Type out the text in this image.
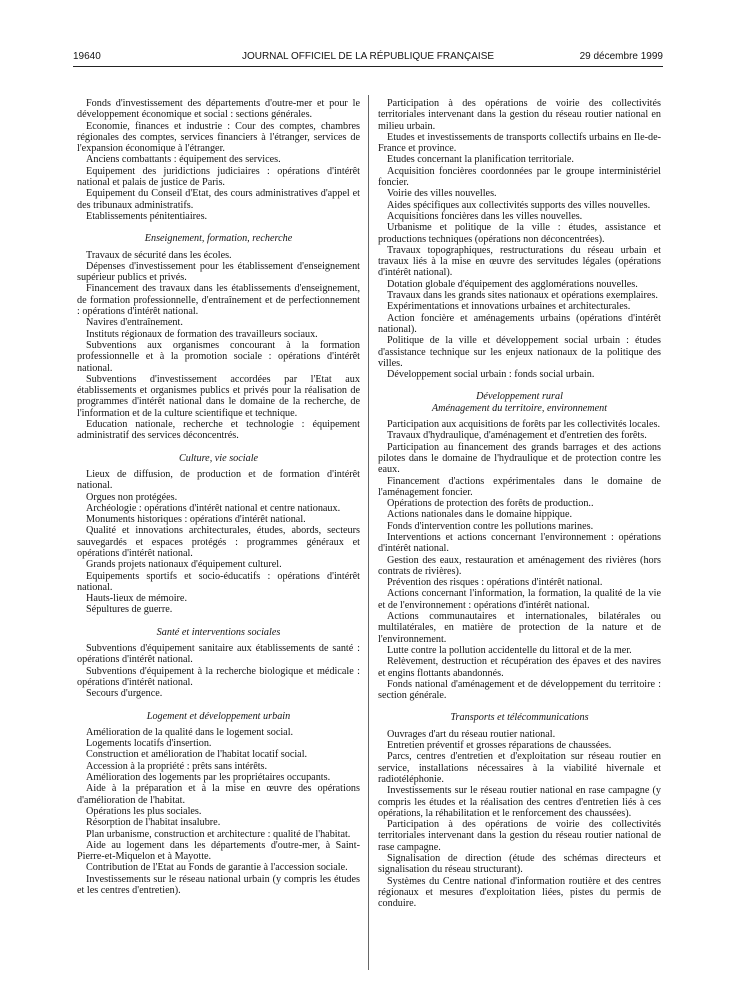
19640	JOURNAL OFFICIEL DE LA RÉPUBLIQUE FRANÇAISE	29 décembre 1999

Fonds d'investissement des départements d'outre-mer et pour le développement économique et social : sections générales.

Economie, finances et industrie : Cour des comptes, chambres régionales des comptes, services financiers à l'étranger, services de l'expansion économique à l'étranger.

Anciens combattants : équipement des services.

Equipement des juridictions judiciaires : opérations d'intérêt national et palais de justice de Paris.

Equipement du Conseil d'Etat, des cours administratives d'appel et des tribunaux administratifs.

Etablissements pénitentiaires.

Enseignement, formation, recherche

Travaux de sécurité dans les écoles.

Dépenses d'investissement pour les établissement d'enseignement supérieur publics et privés.

Financement des travaux dans les établissements d'enseignement, de formation professionnelle, d'entraînement et de perfectionnement : opérations d'intérêt national.

Navires d'entraînement.

Instituts régionaux de formation des travailleurs sociaux.

Subventions aux organismes concourant à la formation professionnelle et à la promotion sociale : opérations d'intérêt national.

Subventions d'investissement accordées par l'Etat aux établissements et organismes publics et privés pour la réalisation de programmes d'intérêt national dans le domaine de la recherche, de l'information et de la culture scientifique et technique.

Education nationale, recherche et technologie : équipement administratif des services déconcentrés.

Culture, vie sociale

Lieux de diffusion, de production et de formation d'intérêt national.

Orgues non protégées.

Archéologie : opérations d'intérêt national et centre nationaux.

Monuments historiques : opérations d'intérêt national.

Qualité et innovations architecturales, études, abords, secteurs sauvegardés et espaces protégés : programmes généraux et opérations d'intérêt national.

Grands projets nationaux d'équipement culturel.

Equipements sportifs et socio-éducatifs : opérations d'intérêt national.

Hauts-lieux de mémoire.

Sépultures de guerre.

Santé et interventions sociales

Subventions d'équipement sanitaire aux établissements de santé : opérations d'intérêt national.

Subventions d'équipement à la recherche biologique et médicale : opérations d'intérêt national.

Secours d'urgence.

Logement et développement urbain

Amélioration de la qualité dans le logement social.

Logements locatifs d'insertion.

Construction et amélioration de l'habitat locatif social.

Accession à la propriété : prêts sans intérêts.

Amélioration des logements par les propriétaires occupants.

Aide à la préparation et à la mise en œuvre des opérations d'amélioration de l'habitat.

Opérations les plus sociales.

Résorption de l'habitat insalubre.

Plan urbanisme, construction et architecture : qualité de l'habitat.

Aide au logement dans les départements d'outre-mer, à Saint-Pierre-et-Miquelon et à Mayotte.

Contribution de l'Etat au Fonds de garantie à l'accession sociale.

Investissements sur le réseau national urbain (y compris les études et les centres d'entretien).

Participation à des opérations de voirie des collectivités territoriales intervenant dans la gestion du réseau routier national en milieu urbain.

Etudes et investissements de transports collectifs urbains en Ile-de-France et province.

Etudes concernant la planification territoriale.

Acquisition foncières coordonnées par le groupe interministériel foncier.

Voirie des villes nouvelles.

Aides spécifiques aux collectivités supports des villes nouvelles.

Acquisitions foncières dans les villes nouvelles.

Urbanisme et politique de la ville : études, assistance et productions techniques (opérations non déconcentrées).

Travaux topographiques, restructurations du réseau urbain et travaux liés à la mise en œuvre des servitudes légales (opérations d'intérêt national).

Dotation globale d'équipement des agglomérations nouvelles.

Travaux dans les grands sites nationaux et opérations exemplaires.

Expérimentations et innovations urbaines et architecturales.

Action foncière et aménagements urbains (opérations d'intérêt national).

Politique de la ville et développement social urbain : études d'assistance technique sur les enjeux nationaux de la politique des villes.

Développement social urbain : fonds social urbain.

Développement rural
Aménagement du territoire, environnement

Participation aux acquisitions de forêts par les collectivités locales.

Travaux d'hydraulique, d'aménagement et d'entretien des forêts.

Participation au financement des grands barrages et des actions pilotes dans le domaine de l'hydraulique et de protection contre les eaux.

Financement d'actions expérimentales dans le domaine de l'aménagement foncier.

Opérations de protection des forêts de production..

Actions nationales dans le domaine hippique.

Fonds d'intervention contre les pollutions marines.

Interventions et actions concernant l'environnement : opérations d'intérêt national.

Gestion des eaux, restauration et aménagement des rivières (hors contrats de rivières).

Prévention des risques : opérations d'intérêt national.

Actions concernant l'information, la formation, la qualité de la vie et de l'environnement : opérations d'intérêt national.

Actions communautaires et internationales, bilatérales ou multilatérales, en matière de protection de la nature et de l'environnement.

Lutte contre la pollution accidentelle du littoral et de la mer.

Relèvement, destruction et récupération des épaves et des navires et engins flottants abandonnés.

Fonds national d'aménagement et de développement du territoire : section générale.

Transports et télécommunications

Ouvrages d'art du réseau routier national.

Entretien préventif et grosses réparations de chaussées.

Parcs, centres d'entretien et d'exploitation sur réseau routier en service, installations nécessaires à la viabilité hivernale et radiotéléphonie.

Investissements sur le réseau routier national en rase campagne (y compris les études et la réalisation des centres d'entretien liés à ces opérations, la réhabilitation et le renforcement des chaussées).

Participation à des opérations de voirie des collectivités territoriales intervenant dans la gestion du réseau routier national de rase campagne.

Signalisation de direction (étude des schémas directeurs et signalisation du réseau structurant).

Systèmes du Centre national d'information routière et des centres régionaux et mesures d'exploitation liées, pistes du permis de conduire.
